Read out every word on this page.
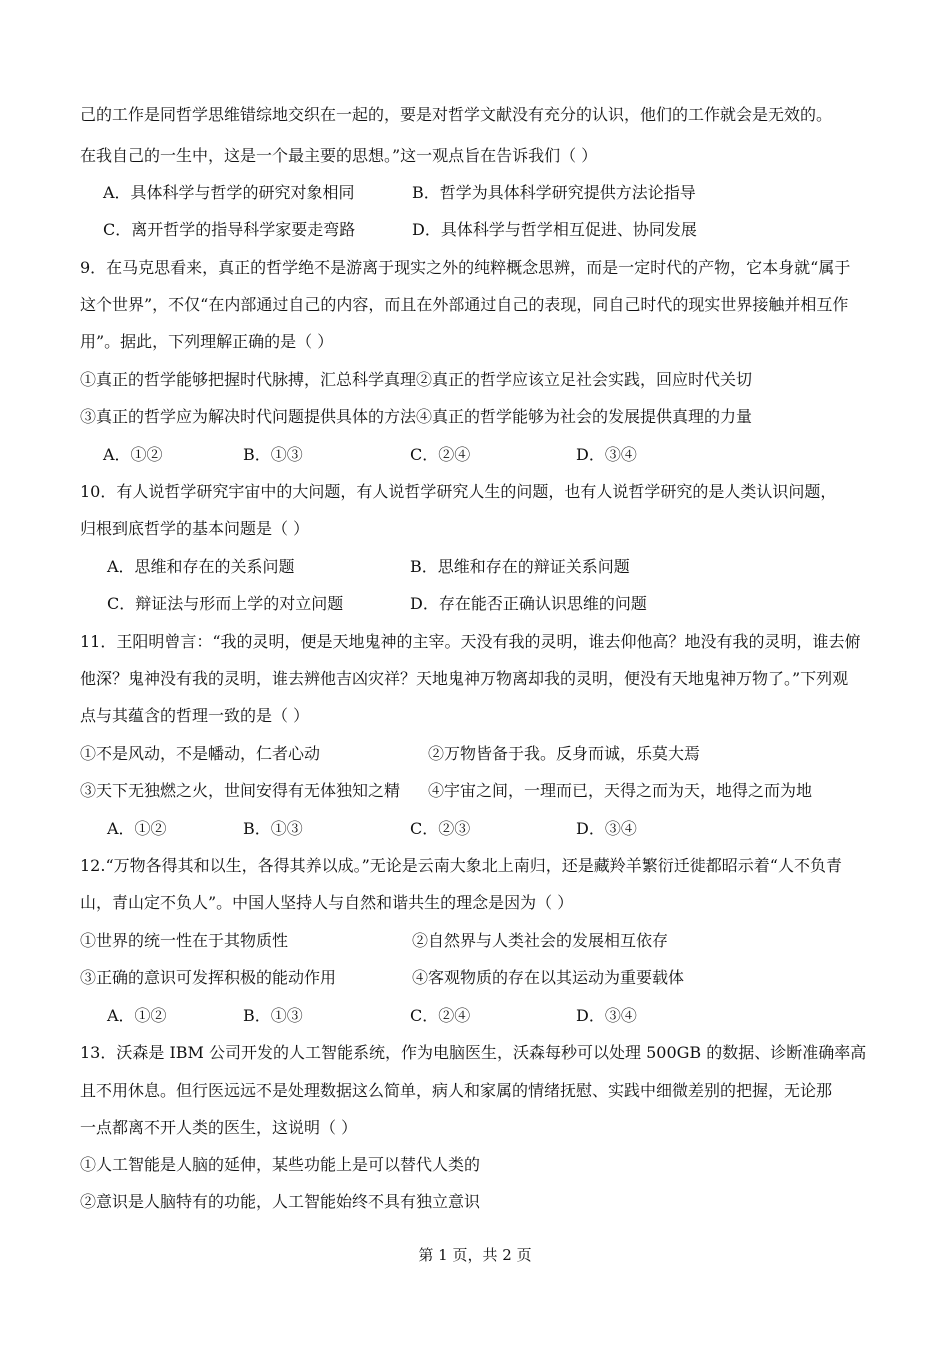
己的工作是同哲学思维错综地交织在一起的，要是对哲学文献没有充分的认识，他们的工作就会是无效的。
在我自己的一生中，这是一个最主要的思想。”这一观点旨在告诉我们（ ）
A．具体科学与哲学的研究对象相同	B．哲学为具体科学研究提供方法论指导
C．离开哲学的指导科学家要走弯路	D．具体科学与哲学相互促进、协同发展
9．在马克思看来，真正的哲学绝不是游离于现实之外的纯粹概念思辨，而是一定时代的产物，它本身就“属于
这个世界”，不仅“在内部通过自己的内容，而且在外部通过自己的表现，同自己时代的现实世界接触并相互作
用”。据此，下列理解正确的是（ ）
①真正的哲学能够把握时代脉搏，汇总科学真理②真正的哲学应该立足社会实践，回应时代关切
③真正的哲学应为解决时代问题提供具体的方法④真正的哲学能够为社会的发展提供真理的力量
A．①②	B．①③	C．②④	D．③④
10．有人说哲学研究宇宙中的大问题，有人说哲学研究人生的问题，也有人说哲学研究的是人类认识问题，
归根到底哲学的基本问题是（ ）
A．思维和存在的关系问题	B．思维和存在的辩证关系问题
C．辩证法与形而上学的对立问题	D．存在能否正确认识思维的问题
11．王阳明曾言：“我的灵明，便是天地鬼神的主宰。天没有我的灵明，谁去仰他高？地没有我的灵明，谁去俯
他深？鬼神没有我的灵明，谁去辨他吉凶灾祥？天地鬼神万物离却我的灵明，便没有天地鬼神万物了。”下列观
点与其蕴含的哲理一致的是（ ）
①不是风动，不是幡动，仁者心动	②万物皆备于我。反身而诚，乐莫大焉
③天下无独燃之火，世间安得有无体独知之精 ④宇宙之间，一理而已，天得之而为天，地得之而为地
A．①②	B．①③	C．②③	D．③④
12.“万物各得其和以生，各得其养以成。”无论是云南大象北上南归，还是藏羚羊繁衍迁徙都昭示着“人不负青
山，青山定不负人”。中国人坚持人与自然和谐共生的理念是因为（ ）
①世界的统一性在于其物质性	②自然界与人类社会的发展相互依存
③正确的意识可发挥积极的能动作用	④客观物质的存在以其运动为重要载体
A．①②	B．①③	C．②④	D．③④
13．沃森是 IBM 公司开发的人工智能系统，作为电脑医生，沃森每秒可以处理 500GB 的数据、诊断准确率高
且不用休息。但行医远远不是处理数据这么简单，病人和家属的情绪抚慰、实践中细微差别的把握，无论那
一点都离不开人类的医生，这说明（ ）
①人工智能是人脑的延伸，某些功能上是可以替代人类的
②意识是人脑特有的功能，人工智能始终不具有独立意识
第 1 页，共 2 页
